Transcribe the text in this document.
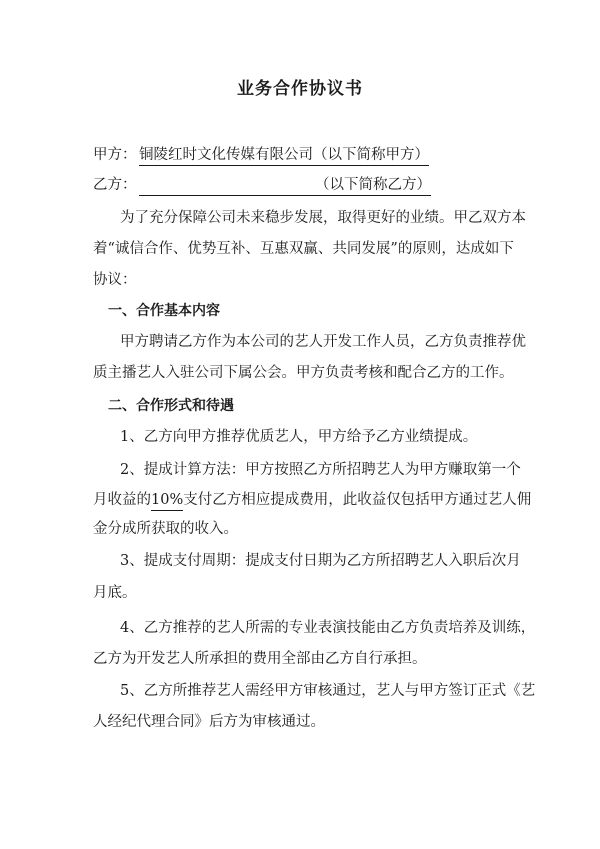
业务合作协议书
甲方： 铜陵红时文化传媒有限公司（以下简称甲方）
乙方：	（以下简称乙方）
为了充分保障公司未来稳步发展，取得更好的业绩。甲乙双方本
着“诚信合作、优势互补、互惠双赢、共同发展”的原则，达成如下
协议：
一、合作基本内容
甲方聘请乙方作为本公司的艺人开发工作人员，乙方负责推荐优
质主播艺人入驻公司下属公会。甲方负责考核和配合乙方的工作。
二、合作形式和待遇
1、乙方向甲方推荐优质艺人，甲方给予乙方业绩提成。
2、提成计算方法：甲方按照乙方所招聘艺人为甲方赚取第一个
月收益的10%支付乙方相应提成费用，此收益仅包括甲方通过艺人佣
金分成所获取的收入。
3、提成支付周期：提成支付日期为乙方所招聘艺人入职后次月
月底。
4、乙方推荐的艺人所需的专业表演技能由乙方负责培养及训练，
乙方为开发艺人所承担的费用全部由乙方自行承担。
5、乙方所推荐艺人需经甲方审核通过，艺人与甲方签订正式《艺
人经纪代理合同》后方为审核通过。
